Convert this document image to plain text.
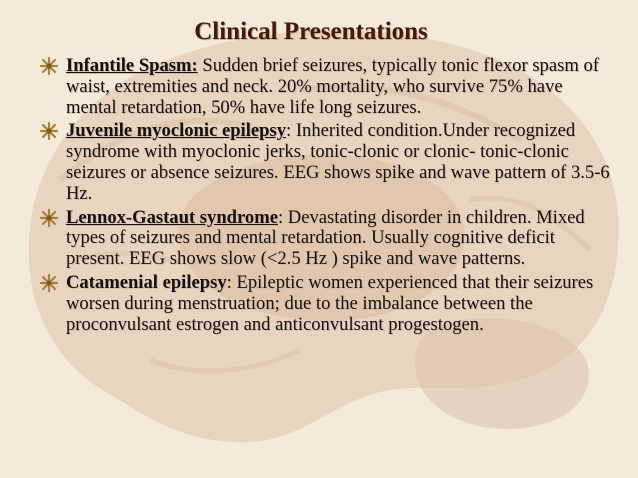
Clinical Presentations

Infantile Spasm: Sudden brief seizures, typically tonic flexor spasm of waist, extremities and neck. 20% mortality, who survive 75% have mental retardation, 50% have life long seizures.

Juvenile myoclonic epilepsy: Inherited condition.Under recognized syndrome with myoclonic jerks, tonic-clonic or clonic- tonic-clonic seizures or absence seizures. EEG shows spike and wave pattern of 3.5-6 Hz.

Lennox-Gastaut syndrome: Devastating disorder in children. Mixed types of seizures and mental retardation. Usually cognitive deficit present. EEG shows slow (<2.5 Hz ) spike and wave patterns.

Catamenial epilepsy: Epileptic women experienced that their seizures worsen during menstruation; due to the imbalance between the proconvulsant estrogen and anticonvulsant progestogen.
